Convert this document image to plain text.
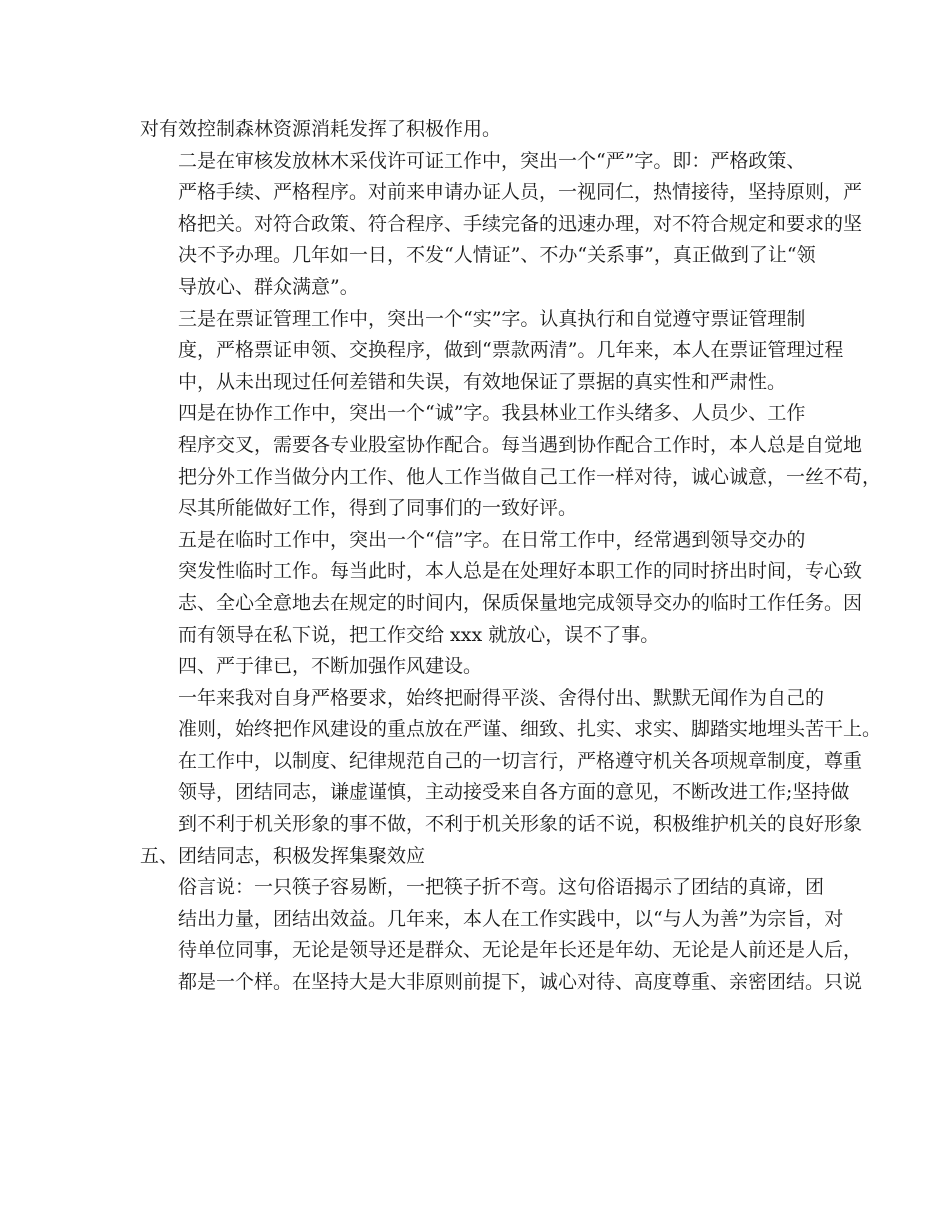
对有效控制森林资源消耗发挥了积极作用。
二是在审核发放林木采伐许可证工作中，突出一个“严”字。即：严格政策、
严格手续、严格程序。对前来申请办证人员，一视同仁，热情接待，坚持原则，严
格把关。对符合政策、符合程序、手续完备的迅速办理，对不符合规定和要求的坚
决不予办理。几年如一日，不发“人情证”、不办“关系事”，真正做到了让“领
导放心、群众满意”。
三是在票证管理工作中，突出一个“实”字。认真执行和自觉遵守票证管理制
度，严格票证申领、交换程序，做到“票款两清”。几年来，本人在票证管理过程
中，从未出现过任何差错和失误，有效地保证了票据的真实性和严肃性。
四是在协作工作中，突出一个“诚”字。我县林业工作头绪多、人员少、工作
程序交叉，需要各专业股室协作配合。每当遇到协作配合工作时，本人总是自觉地
把分外工作当做分内工作、他人工作当做自己工作一样对待，诚心诚意，一丝不苟，
尽其所能做好工作，得到了同事们的一致好评。
五是在临时工作中，突出一个“信”字。在日常工作中，经常遇到领导交办的
突发性临时工作。每当此时，本人总是在处理好本职工作的同时挤出时间，专心致
志、全心全意地去在规定的时间内，保质保量地完成领导交办的临时工作任务。因
而有领导在私下说，把工作交给 xxx 就放心，误不了事。
四、严于律已，不断加强作风建设。
一年来我对自身严格要求，始终把耐得平淡、舍得付出、默默无闻作为自己的
准则，始终把作风建设的重点放在严谨、细致、扎实、求实、脚踏实地埋头苦干上。
在工作中，以制度、纪律规范自己的一切言行，严格遵守机关各项规章制度，尊重
领导，团结同志，谦虚谨慎，主动接受来自各方面的意见，不断改进工作;坚持做
到不利于机关形象的事不做，不利于机关形象的话不说，积极维护机关的良好形象
五、团结同志，积极发挥集聚效应
俗言说：一只筷子容易断，一把筷子折不弯。这句俗语揭示了团结的真谛，团
结出力量，团结出效益。几年来，本人在工作实践中，以“与人为善”为宗旨，对
待单位同事，无论是领导还是群众、无论是年长还是年幼、无论是人前还是人后，
都是一个样。在坚持大是大非原则前提下，诚心对待、高度尊重、亲密团结。只说
